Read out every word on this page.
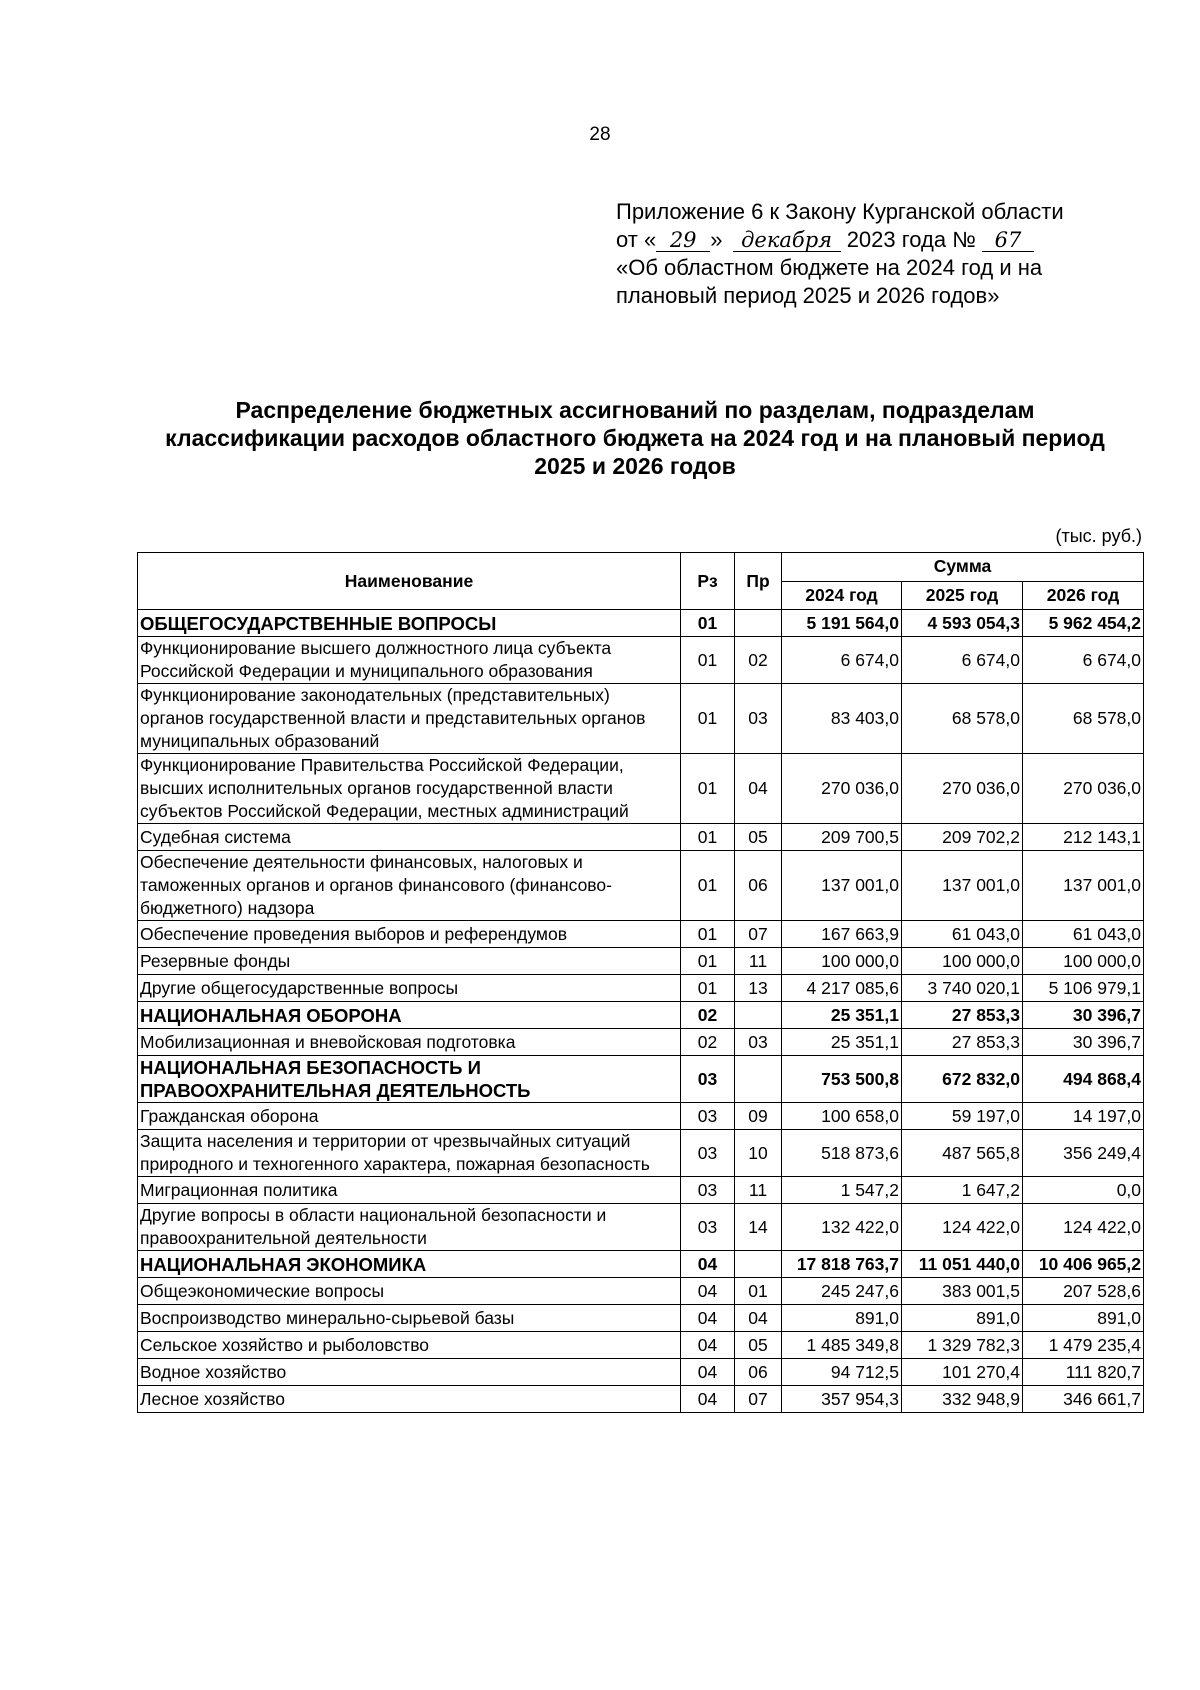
28
Приложение 6 к Закону Курганской области
от « 29 » декабря 2023 года № 67
«Об областном бюджете на 2024 год и на
плановый период 2025 и 2026 годов»
Распределение бюджетных ассигнований по разделам, подразделам
классификации расходов областного бюджета на 2024 год и на плановый период
2025 и 2026 годов
(тыс. руб.)
Наименование	Рз	Пр	Сумма		
			2024 год	2025 год	2026 год
ОБЩЕГОСУДАРСТВЕННЫЕ ВОПРОСЫ	01		5 191 564,0	4 593 054,3	5 962 454,2
Функционирование высшего должностного лица субъекта Российской Федерации и муниципального образования	01	02	6 674,0	6 674,0	6 674,0
Функционирование законодательных (представительных) органов государственной власти и представительных органов муниципальных образований	01	03	83 403,0	68 578,0	68 578,0
Функционирование Правительства Российской Федерации, высших исполнительных органов государственной власти субъектов Российской Федерации, местных администраций	01	04	270 036,0	270 036,0	270 036,0
Судебная система	01	05	209 700,5	209 702,2	212 143,1
Обеспечение деятельности финансовых, налоговых и таможенных органов и органов финансового (финансово-бюджетного) надзора	01	06	137 001,0	137 001,0	137 001,0
Обеспечение проведения выборов и референдумов	01	07	167 663,9	61 043,0	61 043,0
Резервные фонды	01	11	100 000,0	100 000,0	100 000,0
Другие общегосударственные вопросы	01	13	4 217 085,6	3 740 020,1	5 106 979,1
НАЦИОНАЛЬНАЯ ОБОРОНА	02		25 351,1	27 853,3	30 396,7
Мобилизационная и вневойсковая подготовка	02	03	25 351,1	27 853,3	30 396,7
НАЦИОНАЛЬНАЯ БЕЗОПАСНОСТЬ И ПРАВООХРАНИТЕЛЬНАЯ ДЕЯТЕЛЬНОСТЬ	03		753 500,8	672 832,0	494 868,4
Гражданская оборона	03	09	100 658,0	59 197,0	14 197,0
Защита населения и территории от чрезвычайных ситуаций природного и техногенного характера, пожарная безопасность	03	10	518 873,6	487 565,8	356 249,4
Миграционная политика	03	11	1 547,2	1 647,2	0,0
Другие вопросы в области национальной безопасности и правоохранительной деятельности	03	14	132 422,0	124 422,0	124 422,0
НАЦИОНАЛЬНАЯ ЭКОНОМИКА	04		17 818 763,7	11 051 440,0	10 406 965,2
Общеэкономические вопросы	04	01	245 247,6	383 001,5	207 528,6
Воспроизводство минерально-сырьевой базы	04	04	891,0	891,0	891,0
Сельское хозяйство и рыболовство	04	05	1 485 349,8	1 329 782,3	1 479 235,4
Водное хозяйство	04	06	94 712,5	101 270,4	111 820,7
Лесное хозяйство	04	07	357 954,3	332 948,9	346 661,7
